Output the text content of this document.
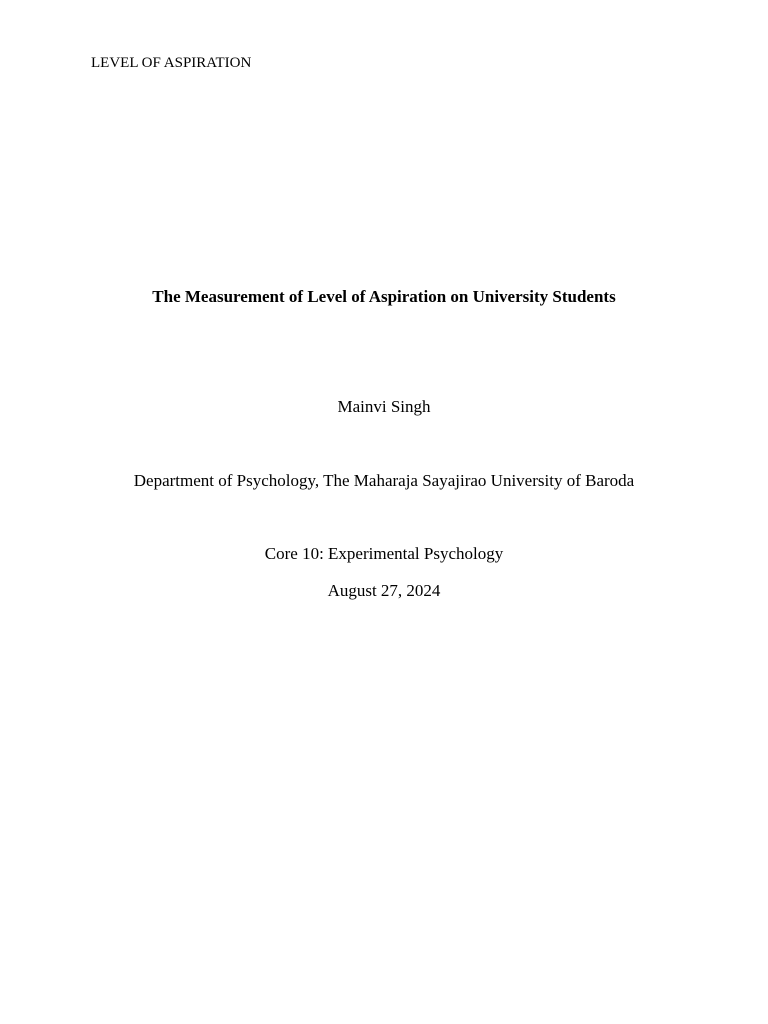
LEVEL OF ASPIRATION
The Measurement of Level of Aspiration on University Students
Mainvi Singh
Department of Psychology, The Maharaja Sayajirao University of Baroda
Core 10: Experimental Psychology
August 27, 2024
